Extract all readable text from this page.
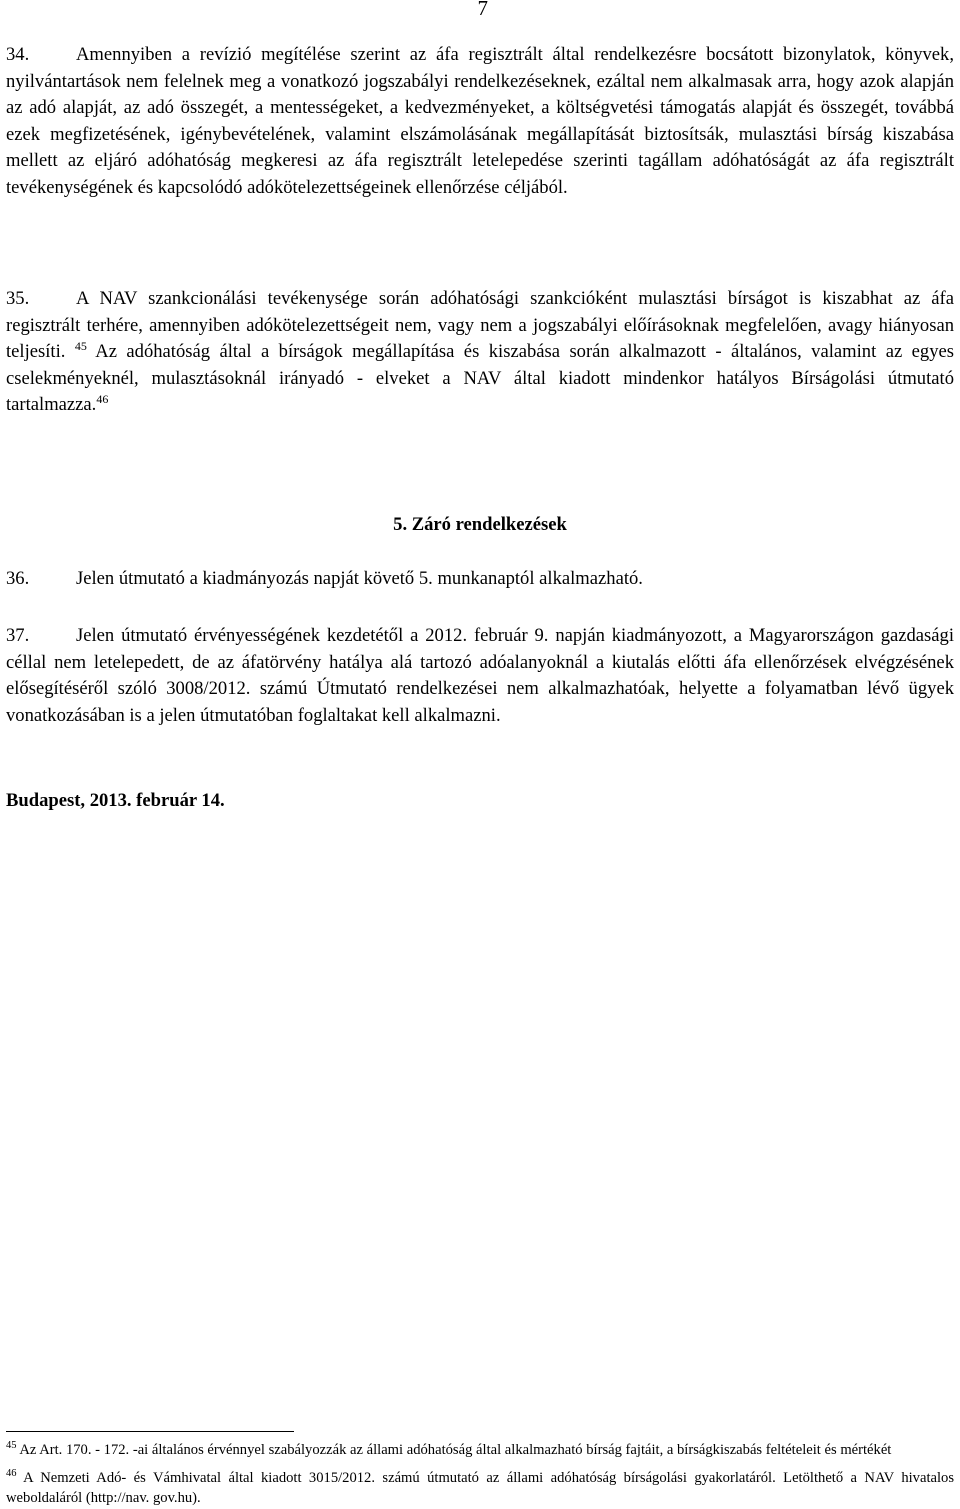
7

34.	Amennyiben a revízió megítélése szerint az áfa regisztrált által rendelkezésre bocsátott bizonylatok, könyvek, nyilvántartások nem felelnek meg a vonatkozó jogszabályi rendelkezéseknek, ezáltal nem alkalmasak arra, hogy azok alapján az adó alapját, az adó összegét, a mentességeket, a kedvezményeket, a költségvetési támogatás alapját és összegét, továbbá ezek megfizetésének, igénybevételének, valamint elszámolásának megállapítását biztosítsák, mulasztási bírság kiszabása mellett az eljáró adóhatóság megkeresi az áfa regisztrált letelepedése szerinti tagállam adóhatóságát az áfa regisztrált tevékenységének és kapcsolódó adókötelezettségeinek ellenőrzése céljából.

35.	A NAV szankcionálási tevékenysége során adóhatósági szankcióként mulasztási bírságot is kiszabhat az áfa regisztrált terhére, amennyiben adókötelezettségeit nem, vagy nem a jogszabályi előírásoknak megfelelően, avagy hiányosan teljesíti. $^{45}$ Az adóhatóság által a bírságok megállapítása és kiszabása során alkalmazott - általános, valamint az egyes cselekményeknél, mulasztásoknál irányadó - elveket a NAV által kiadott mindenkor hatályos Bírságolási útmutató tartalmazza.$^{46}$

5. Záró rendelkezések

36.	Jelen útmutató a kiadmányozás napját követő 5. munkanaptól alkalmazható.

37.	Jelen útmutató érvényességének kezdetétől a 2012. február 9. napján kiadmányozott, a Magyarországon gazdasági céllal nem letelepedett, de az áfatörvény hatálya alá tartozó adóalanyoknál a kiutalás előtti áfa ellenőrzések elvégzésének elősegítéséről szóló 3008/2012. számú Útmutató rendelkezései nem alkalmazhatóak, helyette a folyamatban lévő ügyek vonatkozásában is a jelen útmutatóban foglaltakat kell alkalmazni.

Budapest, 2013. február 14.

$^{45}$ Az Art. 170. - 172. -ai általános érvénnyel szabályozzák az állami adóhatóság által alkalmazható bírság fajtáit, a bírságkiszabás feltételeit és mértékét

$^{46}$ A Nemzeti Adó- és Vámhivatal által kiadott 3015/2012. számú útmutató az állami adóhatóság bírságolási gyakorlatáról. Letölthető a NAV hivatalos weboldaláról (http://nav. gov.hu).
